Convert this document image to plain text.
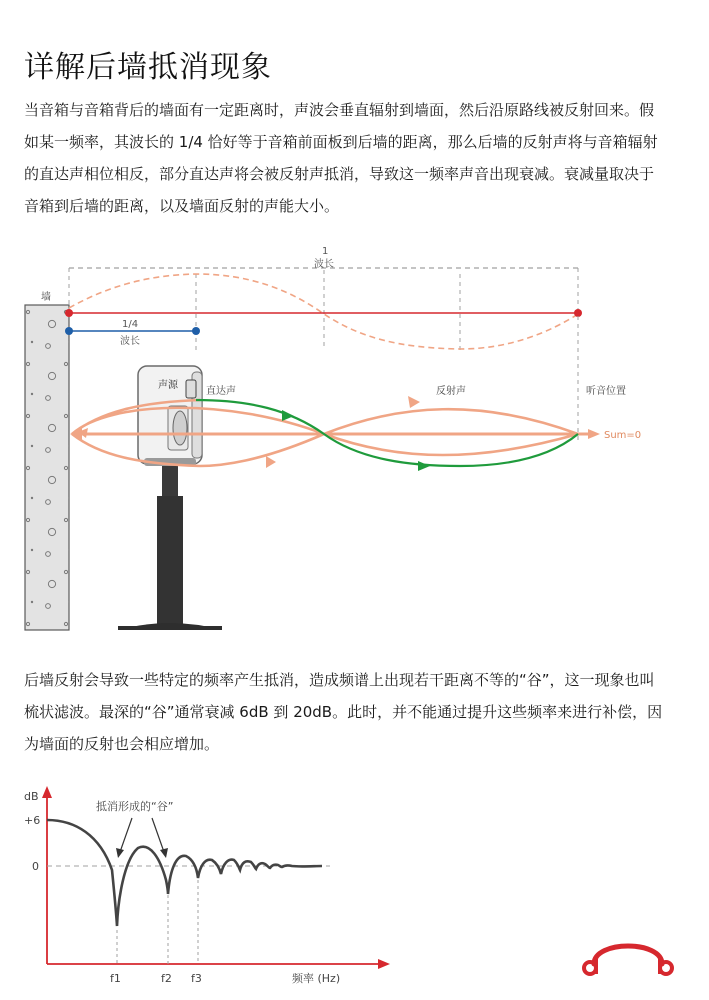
详解后墙抵消现象
当音箱与音箱背后的墙面有一定距离时，声波会垂直辐射到墙面，然后沿原路线被反射回来。假如某一频率，其波长的 1/4 恰好等于音箱前面板到后墙的距离，那么后墙的反射声将与音箱辐射的直达声相位相反，部分直达声将会被反射声抵消，导致这一频率声音出现衰减。衰减量取决于音箱到后墙的距离，以及墙面反射的声能大小。
墙
1
波长
1/4
波长
声源
直达声	反射声	听音位置
Sum=0
后墙反射会导致一些特定的频率产生抵消，造成频谱上出现若干距离不等的“谷”，这一现象也叫梳状滤波。最深的“谷”通常衰减 6dB 到 20dB。此时，并不能通过提升这些频率来进行补偿，因为墙面的反射也会相应增加。
dB
+6
0
抵消形成的“谷”
f1	f2 f3	频率 (Hz)
